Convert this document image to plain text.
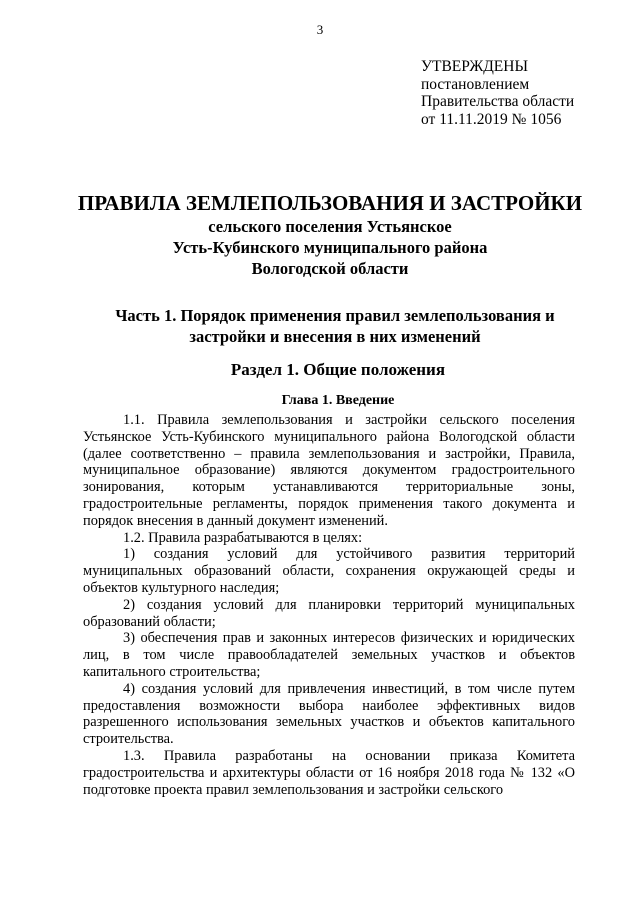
3
УТВЕРЖДЕНЫ
постановлением
Правительства области
от 11.11.2019 № 1056
ПРАВИЛА ЗЕМЛЕПОЛЬЗОВАНИЯ И ЗАСТРОЙКИ
сельского поселения Устьянское
Усть-Кубинского муниципального района
Вологодской области
Часть 1. Порядок применения правил землепользования и
застройки и внесения в них изменений
Раздел 1. Общие положения
Глава 1. Введение

1.1. Правила землепользования и застройки сельского поселения Устьянское Усть-Кубинского муниципального района Вологодской области (далее соответственно – правила землепользования и застройки, Правила, муниципальное образование) являются документом градостроительного зонирования, которым устанавливаются территориальные зоны, градостроительные регламенты, порядок применения такого документа и порядок внесения в данный документ изменений.

1.2. Правила разрабатываются в целях:

1) создания условий для устойчивого развития территорий муниципальных образований области, сохранения окружающей среды и объектов культурного наследия;

2) создания условий для планировки территорий муниципальных образований области;

3) обеспечения прав и законных интересов физических и юридических лиц, в том числе правообладателей земельных участков и объектов капитального строительства;

4) создания условий для привлечения инвестиций, в том числе путем предоставления возможности выбора наиболее эффективных видов разрешенного использования земельных участков и объектов капитального строительства.

1.3. Правила разработаны на основании приказа Комитета градостроительства и архитектуры области от 16 ноября 2018 года № 132 «О подготовке проекта правил землепользования и застройки сельского
